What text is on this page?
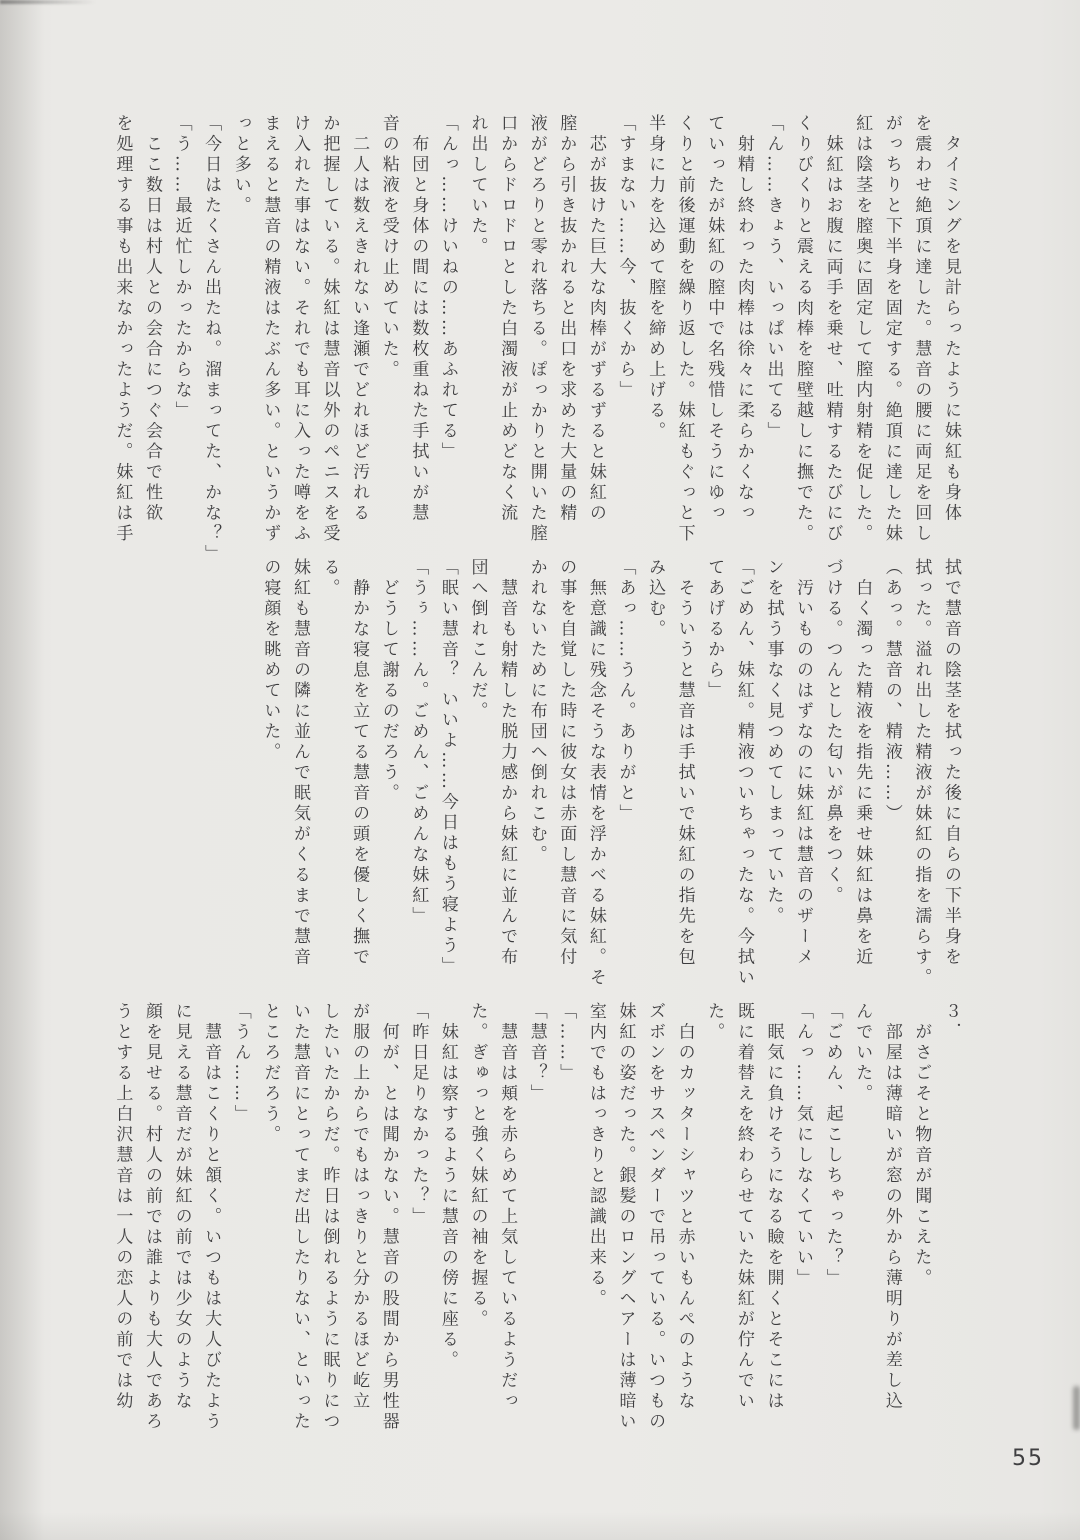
　タイミングを見計らったように妹紅も身体
を震わせ絶頂に達した。慧音の腰に両足を回し
がっちりと下半身を固定する。絶頂に達した妹
紅は陰茎を膣奥に固定して膣内射精を促した。
　妹紅はお腹に両手を乗せ、吐精するたびにび
くりびくりと震える肉棒を膣壁越しに撫でた。
「ん……きょう、いっぱい出てる」
　射精し終わった肉棒は徐々に柔らかくなっ
ていったが妹紅の膣中で名残惜しそうにゆっ
くりと前後運動を繰り返した。妹紅もぐっと下
半身に力を込めて膣を締め上げる。
「すまない……今、抜くから」
　芯が抜けた巨大な肉棒がずるずると妹紅の
膣から引き抜かれると出口を求めた大量の精
液がどろりと零れ落ちる。ぽっかりと開いた膣
口からドロドロとした白濁液が止めどなく流
れ出していた。
「んっ……けいねの……あふれてる」
　布団と身体の間には数枚重ねた手拭いが慧
音の粘液を受け止めていた。
　二人は数えきれない逢瀬でどれほど汚れる
か把握している。妹紅は慧音以外のペニスを受
け入れた事はない。それでも耳に入った噂をふ
まえると慧音の精液はたぶん多い。というかず
っと多い。
「今日はたくさん出たね。溜まってた、かな？」
「う……最近忙しかったからな」
　ここ数日は村人との会合につぐ会合で性欲
を処理する事も出来なかったようだ。妹紅は手
拭で慧音の陰茎を拭った後に自らの下半身を
拭った。溢れ出した精液が妹紅の指を濡らす。
（あっ。慧音の、精液……）
　白く濁った精液を指先に乗せ妹紅は鼻を近
づける。つんとした匂いが鼻をつく。
　汚いもののはずなのに妹紅は慧音のザーメ
ンを拭う事なく見つめてしまっていた。
「ごめん、妹紅。精液ついちゃったな。今拭い
てあげるから」
　そういうと慧音は手拭いで妹紅の指先を包
み込む。
「あっ……うん。ありがと」
　無意識に残念そうな表情を浮かべる妹紅。そ
の事を自覚した時に彼女は赤面し慧音に気付
かれないために布団へ倒れこむ。
　慧音も射精した脱力感から妹紅に並んで布
団へ倒れこんだ。
「眠い慧音？ いいよ……今日はもう寝よう」
「うぅ……ん。ごめん、ごめんな妹紅」
　どうして謝るのだろう。
　静かな寝息を立てる慧音の頭を優しく撫で
る。
妹紅も慧音の隣に並んで眠気がくるまで慧音
の寝顔を眺めていた。
３．
　がさごそと物音が聞こえた。
　部屋は薄暗いが窓の外から薄明りが差し込
んでいた。
「ごめん、起こしちゃった？」
「んっ……気にしなくていい」
　眠気に負けそうになる瞼を開くとそこには
既に着替えを終わらせていた妹紅が佇んでい
た。
　白のカッターシャツと赤いもんぺのような
ズボンをサスペンダーで吊っている。いつもの
妹紅の姿だった。銀髪のロングヘアーは薄暗い
室内でもはっきりと認識出来る。
「……」
「慧音？」
　慧音は頬を赤らめて上気しているようだっ
た。ぎゅっと強く妹紅の袖を握る。
　妹紅は察するように慧音の傍に座る。
「昨日足りなかった？」
　何が、とは聞かない。慧音の股間から男性器
が服の上からでもはっきりと分かるほど屹立
したいたからだ。昨日は倒れるように眠りにつ
いた慧音にとってまだ出したりない、といった
ところだろう。
「うん……」
　慧音はこくりと頷く。いつもは大人びたよう
に見える慧音だが妹紅の前では少女のような
顔を見せる。村人の前では誰よりも大人であろ
うとする上白沢慧音は一人の恋人の前では幼
55
